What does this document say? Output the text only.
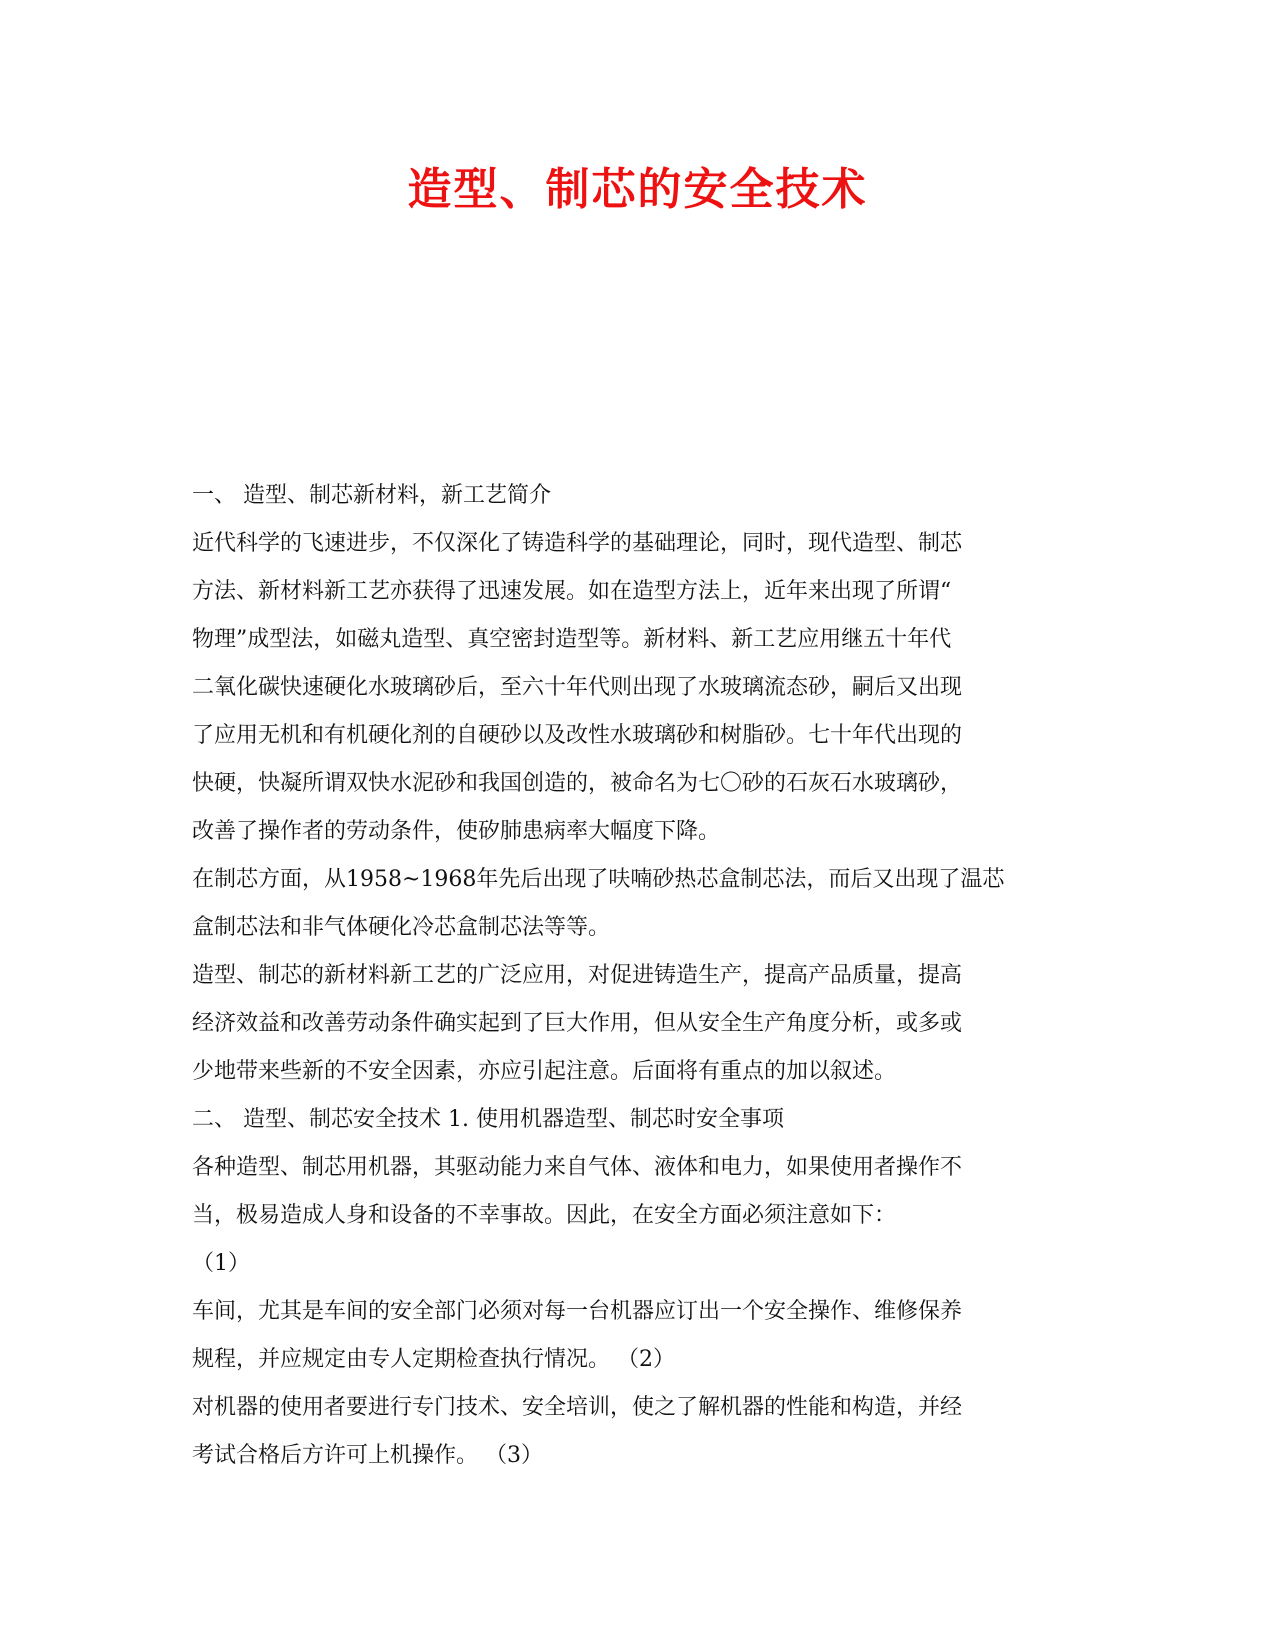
造型、制芯的安全技术
一、 造型、制芯新材料，新工艺简介
近代科学的飞速进步，不仅深化了铸造科学的基础理论，同时，现代造型、制芯
方法、新材料新工艺亦获得了迅速发展。如在造型方法上，近年来出现了所谓“
物理”成型法，如磁丸造型、真空密封造型等。新材料、新工艺应用继五十年代
二氧化碳快速硬化水玻璃砂后，至六十年代则出现了水玻璃流态砂，嗣后又出现
了应用无机和有机硬化剂的自硬砂以及改性水玻璃砂和树脂砂。七十年代出现的
快硬，快凝所谓双快水泥砂和我国创造的，被命名为七〇砂的石灰石水玻璃砂，
改善了操作者的劳动条件，使矽肺患病率大幅度下降。
在制芯方面，从1958~1968年先后出现了呋喃砂热芯盒制芯法，而后又出现了温芯
盒制芯法和非气体硬化冷芯盒制芯法等等。
造型、制芯的新材料新工艺的广泛应用，对促进铸造生产，提高产品质量，提高
经济效益和改善劳动条件确实起到了巨大作用，但从安全生产角度分析，或多或
少地带来些新的不安全因素，亦应引起注意。后面将有重点的加以叙述。
二、 造型、制芯安全技术 1. 使用机器造型、制芯时安全事项
各种造型、制芯用机器，其驱动能力来自气体、液体和电力，如果使用者操作不
当，极易造成人身和设备的不幸事故。因此，在安全方面必须注意如下：
（1）
车间，尤其是车间的安全部门必须对每一台机器应订出一个安全操作、维修保养
规程，并应规定由专人定期检查执行情况。 （2）
对机器的使用者要进行专门技术、安全培训，使之了解机器的性能和构造，并经
考试合格后方许可上机操作。 （3）
